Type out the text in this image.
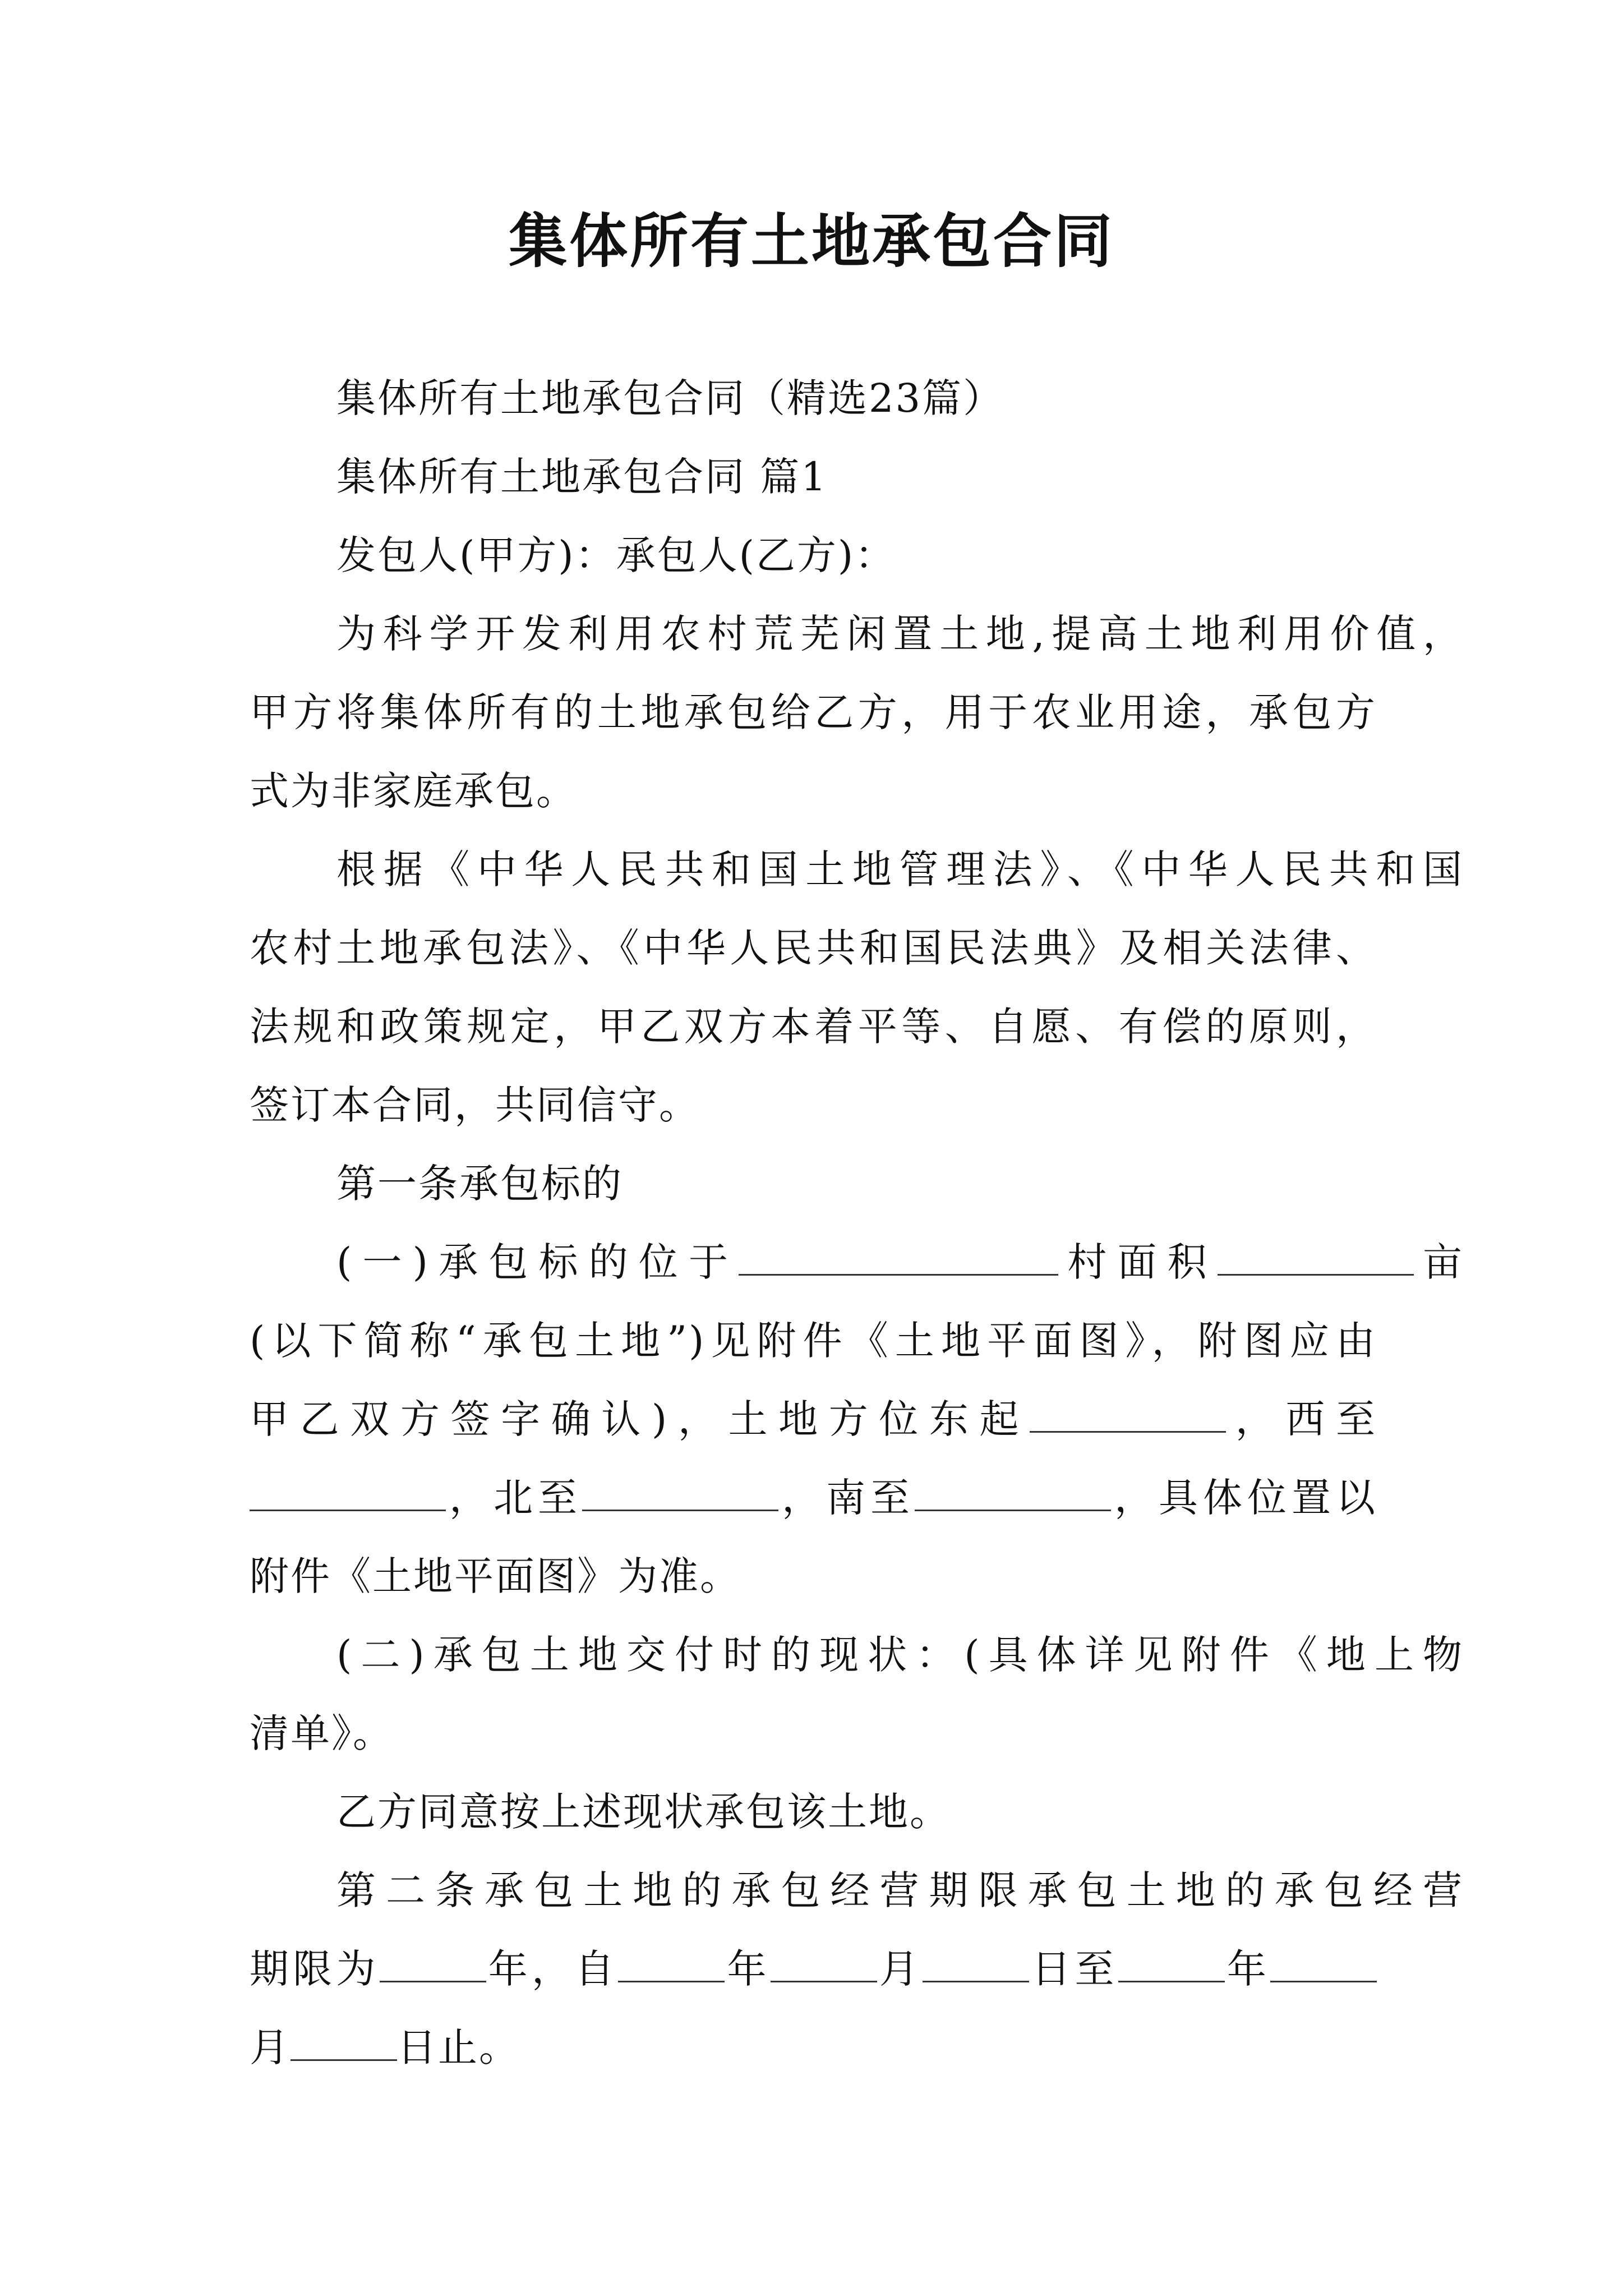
集体所有土地承包合同
集体所有土地承包合同（精选23篇）
集体所有土地承包合同 篇1
发包人(甲方)：承包人(乙方)：
为科学开发利用农村荒芜闲置土地,提高土地利用价值，
甲方将集体所有的土地承包给乙方，用于农业用途，承包方
式为非家庭承包。
根据《中华人民共和国土地管理法》、《中华人民共和国
农村土地承包法》、《中华人民共和国民法典》及相关法律、
法规和政策规定，甲乙双方本着平等、自愿、有偿的原则，
签订本合同，共同信守。
第一条承包标的
(一)承包标的位于	村面积	亩
(以下简称“承包土地”)见附件《土地平面图》，附图应由
甲乙双方签字确认)，土地方位东起	，西至
，北至	，南至	，具体位置以
附件《土地平面图》为准。
(二)承包土地交付时的现状：(具体详见附件《地上物
清单》。
乙方同意按上述现状承包该土地。
第二条承包土地的承包经营期限承包土地的承包经营
期限为	年，自	年	月	日至	年
月	日止。
